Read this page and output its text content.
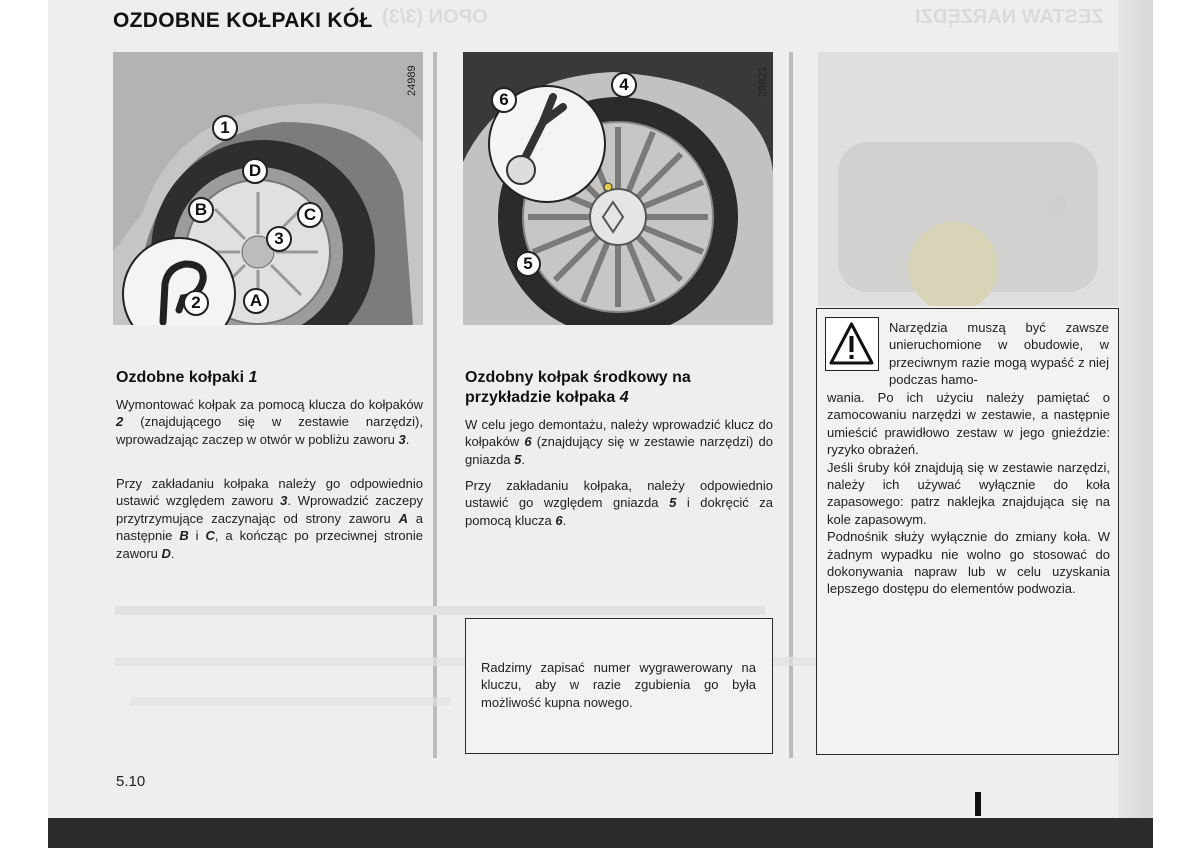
ZESTAW NARZĘDZI
OPON (3/3)
OZDOBNE KOŁPAKI KÓŁ
24989
1
D
B	C
3
A
2
Ozdobne kołpaki 1

Wymontować kołpak za pomocą klucza do kołpaków 2 (znajdującego się w zestawie narzędzi), wprowadzając zaczep w otwór w pobliżu zaworu 3.

Przy zakładaniu kołpaka należy go odpowiednio ustawić względem zaworu 3. Wprowadzić zaczepy przytrzymujące zaczynając od strony zaworu A a następnie B i C, a kończąc po przeciwnej stronie zaworu D.

28821
6
4
5
Ozdobny kołpak środkowy na przykładzie kołpaka 4

W celu jego demontażu, należy wprowadzić klucz do kołpaków 6 (znajdujący się w zestawie narzędzi) do gniazda 5.

Przy zakładaniu kołpaka, należy odpowiednio ustawić go względem gniazda 5 i dokręcić za pomocą klucza 6.

Radzimy zapisać numer wygrawerowany na kluczu, aby w razie zgubienia go była możliwość kupna nowego.

Narzędzia muszą być zawsze unieruchomione w obudowie, w przeciwnym razie mogą wypaść z niej podczas hamo-

wania. Po ich użyciu należy pamiętać o zamocowaniu narzędzi w zestawie, a następnie umieścić prawidłowo zestaw w jego gnieździe: ryzyko obrażeń.

Jeśli śruby kół znajdują się w zestawie narzędzi, należy ich używać wyłącznie do koła zapasowego: patrz naklejka znajdująca się na kole zapasowym.

Podnośnik służy wyłącznie do zmiany koła. W żadnym wypadku nie wolno go stosować do dokonywania napraw lub w celu uzyskania lepszego dostępu do elementów podwozia.

5.10
